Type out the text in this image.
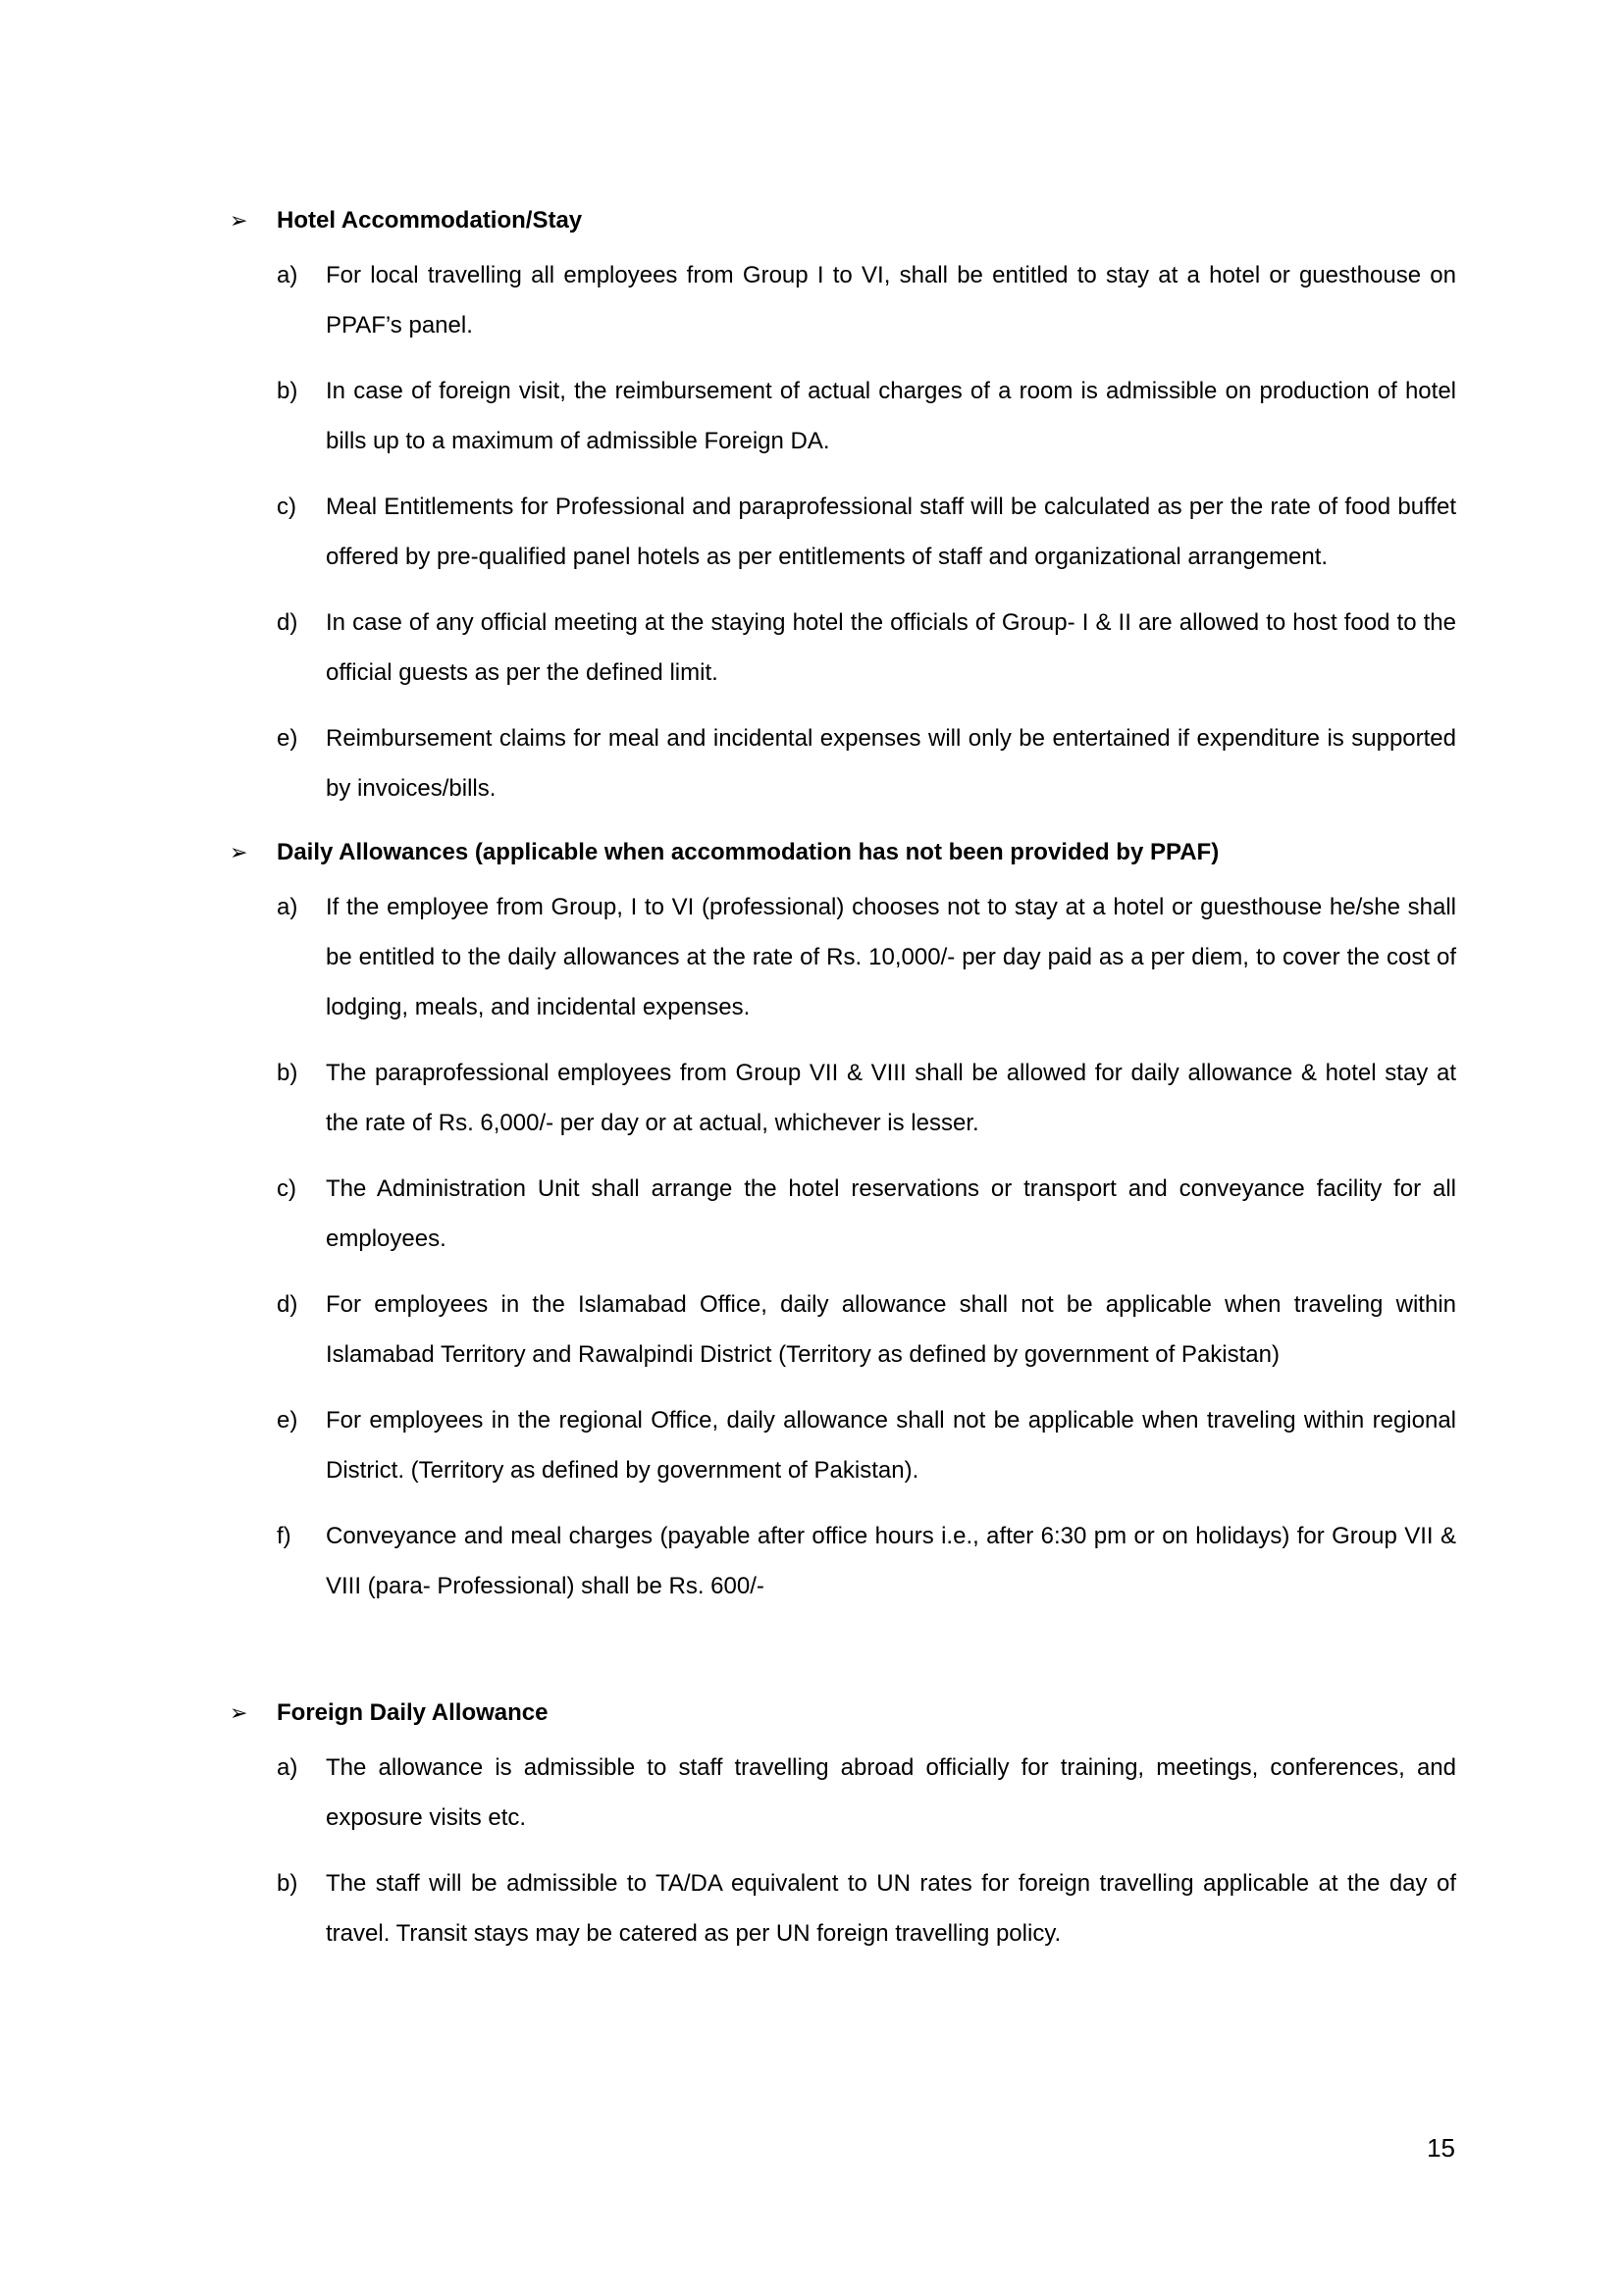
➢ Hotel Accommodation/Stay
a)	For local travelling all employees from Group I to VI, shall be entitled to stay at a hotel or guesthouse on PPAF’s panel.
b)	In case of foreign visit, the reimbursement of actual charges of a room is admissible on production of hotel bills up to a maximum of admissible Foreign DA.
c)	Meal Entitlements for Professional and paraprofessional staff will be calculated as per the rate of food buffet offered by pre-qualified panel hotels as per entitlements of staff and organizational arrangement.
d)	In case of any official meeting at the staying hotel the officials of Group- I & II are allowed to host food to the official guests as per the defined limit.
e)	Reimbursement claims for meal and incidental expenses will only be entertained if expenditure is supported by invoices/bills.
➢ Daily Allowances (applicable when accommodation has not been provided by PPAF)
a)	If the employee from Group, I to VI (professional) chooses not to stay at a hotel or guesthouse he/she shall be entitled to the daily allowances at the rate of Rs. 10,000/- per day paid as a per diem, to cover the cost of lodging, meals, and incidental expenses.
b)	The paraprofessional employees from Group VII & VIII shall be allowed for daily allowance & hotel stay at the rate of Rs. 6,000/- per day or at actual, whichever is lesser.
c)	The Administration Unit shall arrange the hotel reservations or transport and conveyance facility for all employees.
d)	For employees in the Islamabad Office, daily allowance shall not be applicable when traveling within Islamabad Territory and Rawalpindi District (Territory as defined by government of Pakistan)
e)	For employees in the regional Office, daily allowance shall not be applicable when traveling within regional District. (Territory as defined by government of Pakistan).
f)	Conveyance and meal charges (payable after office hours i.e., after 6:30 pm or on holidays) for Group VII & VIII (para- Professional) shall be Rs. 600/-
➢ Foreign Daily Allowance
a)	The allowance is admissible to staff travelling abroad officially for training, meetings, conferences, and exposure visits etc.
b)	The staff will be admissible to TA/DA equivalent to UN rates for foreign travelling applicable at the day of travel. Transit stays may be catered as per UN foreign travelling policy.
15
